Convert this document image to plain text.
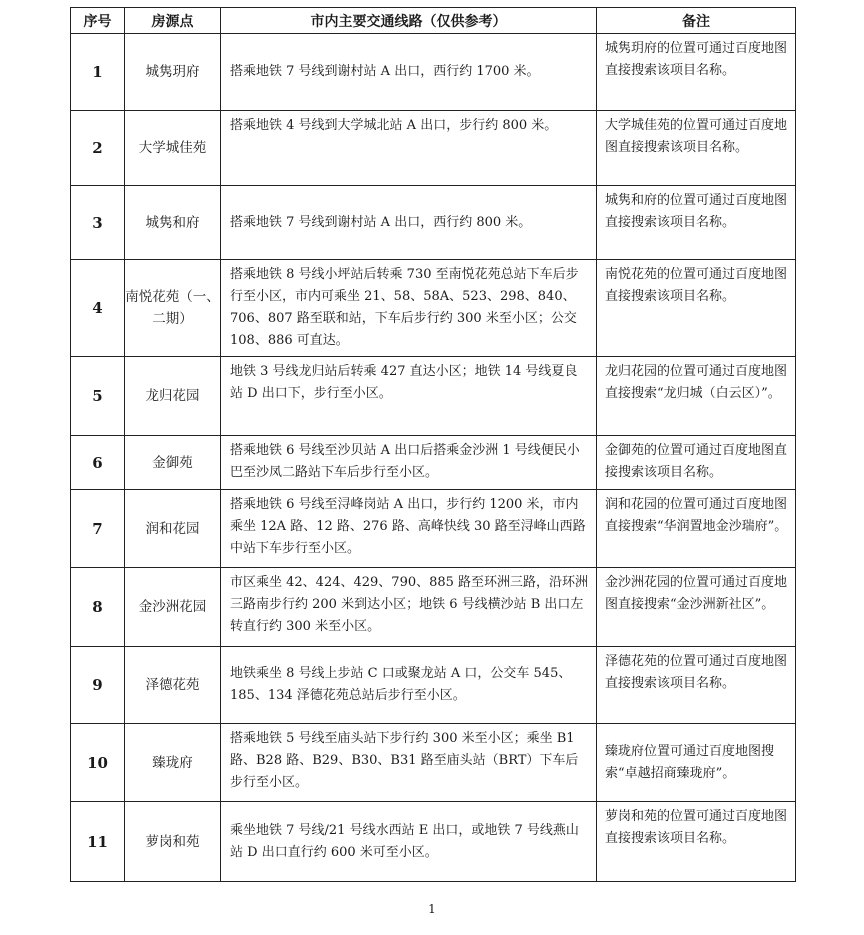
序号	房源点	市内主要交通线路（仅供参考）	备注
1	城隽玥府	搭乘地铁 7 号线到谢村站 A 出口，西行约 1700 米。	城隽玥府的位置可通过百度地图直接搜索该项目名称。
2	大学城佳苑	搭乘地铁 4 号线到大学城北站 A 出口，步行约 800 米。	大学城佳苑的位置可通过百度地图直接搜索该项目名称。
3	城隽和府	搭乘地铁 7 号线到谢村站 A 出口，西行约 800 米。	城隽和府的位置可通过百度地图直接搜索该项目名称。
4	南悦花苑（一、二期）	搭乘地铁 8 号线小坪站后转乘 730 至南悦花苑总站下车后步行至小区，市内可乘坐 21、58、58A、523、298、840、706、807 路至联和站，下车后步行约 300 米至小区；公交 108、886 可直达。	南悦花苑的位置可通过百度地图直接搜索该项目名称。
5	龙归花园	地铁 3 号线龙归站后转乘 427 直达小区；地铁 14 号线夏良站 D 出口下，步行至小区。	龙归花园的位置可通过百度地图直接搜索“龙归城（白云区）”。
6	金御苑	搭乘地铁 6 号线至沙贝站 A 出口后搭乘金沙洲 1 号线便民小巴至沙凤二路站下车后步行至小区。	金御苑的位置可通过百度地图直接搜索该项目名称。
7	润和花园	搭乘地铁 6 号线至浔峰岗站 A 出口，步行约 1200 米，市内乘坐 12A 路、12 路、276 路、高峰快线 30 路至浔峰山西路中站下车步行至小区。	润和花园的位置可通过百度地图直接搜索“华润置地金沙瑞府”。
8	金沙洲花园	市区乘坐 42、424、429、790、885 路至环洲三路，沿环洲三路南步行约 200 米到达小区；地铁 6 号线横沙站 B 出口左转直行约 300 米至小区。	金沙洲花园的位置可通过百度地图直接搜索“金沙洲新社区”。
9	泽德花苑	地铁乘坐 8 号线上步站 C 口或聚龙站 A 口，公交车 545、185、134 泽德花苑总站后步行至小区。	泽德花苑的位置可通过百度地图直接搜索该项目名称。
10	臻珑府	搭乘地铁 5 号线至庙头站下步行约 300 米至小区；乘坐 B1 路、B28 路、B29、B30、B31 路至庙头站（BRT）下车后步行至小区。	臻珑府位置可通过百度地图搜索“卓越招商臻珑府”。
11	萝岗和苑	乘坐地铁 7 号线/21 号线水西站 E 出口，或地铁 7 号线燕山站 D 出口直行约 600 米可至小区。	萝岗和苑的位置可通过百度地图直接搜索该项目名称。
1
